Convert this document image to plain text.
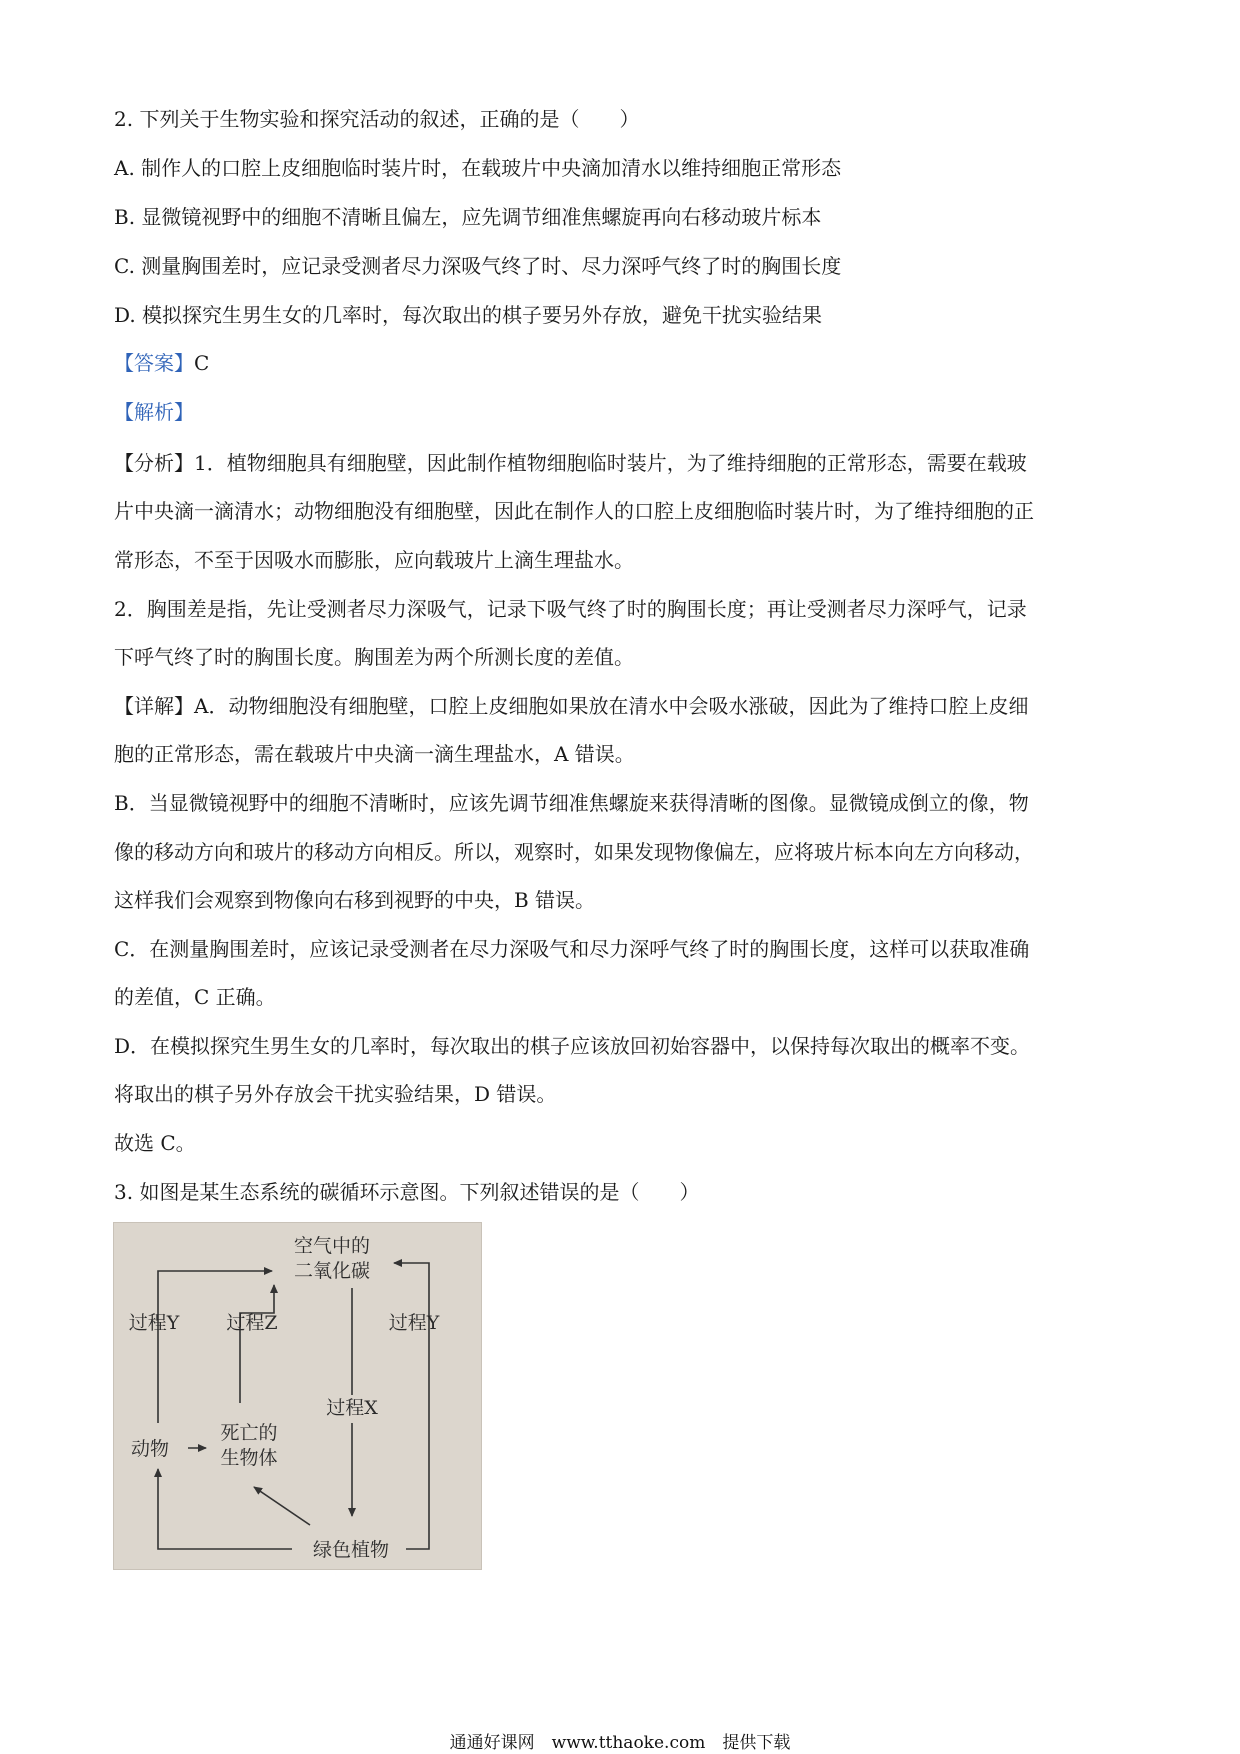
2. 下列关于生物实验和探究活动的叙述，正确的是（　　）
A. 制作人的口腔上皮细胞临时装片时，在载玻片中央滴加清水以维持细胞正常形态
B. 显微镜视野中的细胞不清晰且偏左，应先调节细准焦螺旋再向右移动玻片标本
C. 测量胸围差时，应记录受测者尽力深吸气终了时、尽力深呼气终了时的胸围长度
D. 模拟探究生男生女的几率时，每次取出的棋子要另外存放，避免干扰实验结果
【答案】C
【解析】
【分析】1．植物细胞具有细胞壁，因此制作植物细胞临时装片，为了维持细胞的正常形态，需要在载玻
片中央滴一滴清水；动物细胞没有细胞壁，因此在制作人的口腔上皮细胞临时装片时，为了维持细胞的正
常形态，不至于因吸水而膨胀，应向载玻片上滴生理盐水。
2．胸围差是指，先让受测者尽力深吸气，记录下吸气终了时的胸围长度；再让受测者尽力深呼气，记录
下呼气终了时的胸围长度。胸围差为两个所测长度的差值。
【详解】A．动物细胞没有细胞壁，口腔上皮细胞如果放在清水中会吸水涨破，因此为了维持口腔上皮细
胞的正常形态，需在载玻片中央滴一滴生理盐水，A 错误。
B．当显微镜视野中的细胞不清晰时，应该先调节细准焦螺旋来获得清晰的图像。显微镜成倒立的像，物
像的移动方向和玻片的移动方向相反。所以，观察时，如果发现物像偏左，应将玻片标本向左方向移动，
这样我们会观察到物像向右移到视野的中央，B 错误。
C．在测量胸围差时，应该记录受测者在尽力深吸气和尽力深呼气终了时的胸围长度，这样可以获取准确
的差值，C 正确。
D．在模拟探究生男生女的几率时，每次取出的棋子应该放回初始容器中，以保持每次取出的概率不变。
将取出的棋子另外存放会干扰实验结果，D 错误。
故选 C。
3. 如图是某生态系统的碳循环示意图。下列叙述错误的是（　　）
空气中的
二氧化碳
过程Y 过程Z	过程Y
过程X
动物
死亡的
生物体
绿色植物
通通好课网　www.tthaoke.com　提供下载
